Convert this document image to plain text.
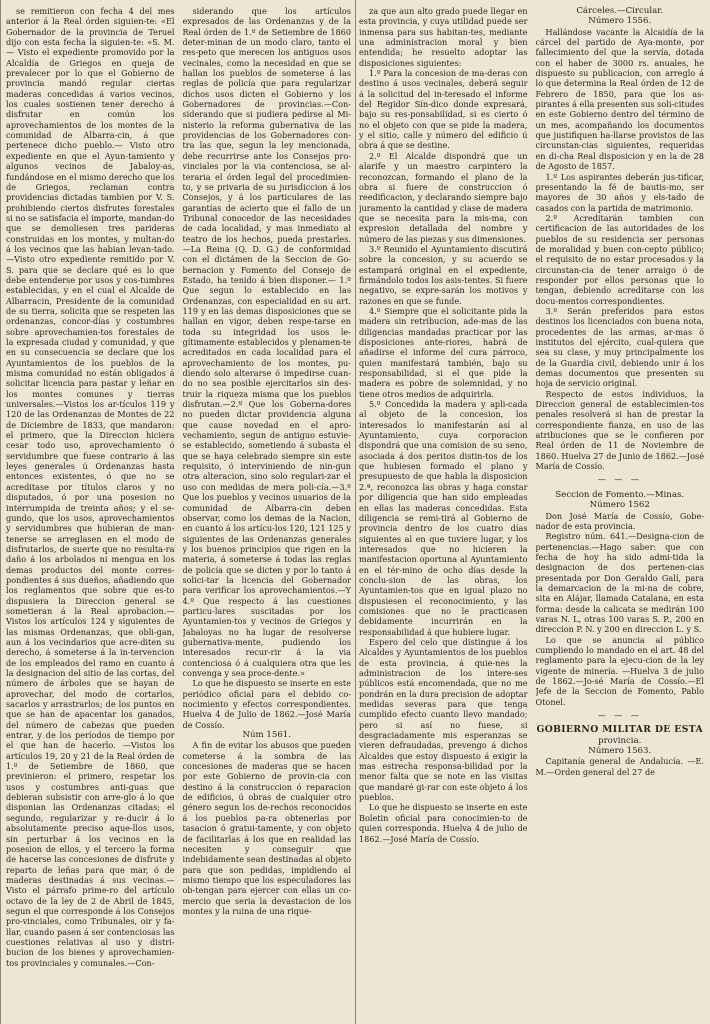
se remitieron con fecha 4 del mes anterior á la Real órden siguien-te: «El Gobernador de la provincia de Teruel dijo con esta fecha la siguien-te: «S. M. — Visto el expediente promovido por la Alcaldía de Griegos en queja de prevalecer por lo que el Gobierno de provincia mandó regular ciertas maderas concedidas á varios vecinos, los cuales sostienen tener derecho á disfrutar en común los aprovechamientos de los montes de la comunidad de Albarra-cin, á que pertenece dicho pueblo.— Visto otro expediente en que el Ayun-tamiento y algunos vecinos de Jabaloy-as, fundándose en el mismo derecho que los de Griegos, reclaman contra providencias dictadas tambien por V. S. prohibiendo ciertos disfrutes forestales si no se satisfacia el importe, mandan-do que se demoliesen tres parideras construidas en los montes, y multan-do á los vecinos que las habian levan-tado.—Visto otro expediente remitido por V. S. para que se declare qué es lo que debe entenderse por usos y cos-tumbres establecidas, y en el cual el Alcalde de Albarracin, Presidente de la comunidad de su tierra, solicita que se respeten las ordenanzas, concor-días y costumbres sobre aprovechamien-tos forestales de la expresada ciudad y comunidad, y que en su consecuencia se declare que los Ayuntamientos de los pueblos de la misma comunidad no están obligados á solicitar licencia para pastar y leñar en los montes comunes y tierras universales.—Vistos los ar-tículos 119 y 120 de las Ordenanzas de Montes de 22 de Diciembre de 1833, que mandaron: el primero, que la Direccion hiciera cesar todo uso, aprovechamiento ó servidumbre que fuese contrario á las leyes generales ú Ordenanzas hasta entonces existentes, ó que no se acreditase por títulos claros y no disputados, ó por una posesion no interrumpida de treinta años; y el se-gundo, que los usos, aprovechamientos y servidumbres que hubieran de man-tenerse se arreglasen en el modo de disfrutarlos, de suerte que no resulta-ra daño á los arbolados ni mengua en los demas productos del monte corres-pondientes á sus dueños, añadiendo que los reglamentos que sobre que es-to dispusiera la Direccion general se sometieran á la Real aprobacion.— Vistos los artículos 124 y siguientes de las mismas Ordenanzas, que obli-gan, aun á los vecindarios que acre-diten su derecho, á someterse á la in-tervencion de los empleados del ramo en cuanto á la designacion del sitio de las cortas, del número de árboles que se hayan de aprovechar, del modo de cortarlos, sacarlos y arrastrarlos; de los puntos en que se han de apacentar los ganados, del número de cabezas que pueden entrar, y de los períodos de tiempo por el que han de hacerlo. —Vistos los artículos 19, 20 y 21 de la Real órden de 1.º de Setiembre de 1860, que previnieron: el primero, respetar los usos y costumbres anti-guas que debieran subsistir con arre-glo á lo que disponian las Ordenanzas citadas; el segundo, regularizar y re-ducir á lo absolutamente preciso aque-llos usos, sin perturbar á los vecinos en la posesion de ellos, y el tercero la forma de hacerse las concesiones de disfrute y reparto de leñas para que mar, ó de maderas destinadas á sus vecinas.—Visto el párrafo prime-ro del artículo octavo de la ley de 2 de Abril de 1845, segun el que corresponde á los Consejos pro-vinciales, como Tribunales, oir y fa-llar, cuando pasen á ser contenciosas las cuestiones relativas al uso y distri-bucion de los bienes y aprovechamien-tos provinciales y comunales.—Con-

siderando que los artículos expresados de las Ordenanzas y de la Real órden de 1.º de Setiembre de 1860 deter-minan de un modo claro, tanto el res-peto que merecen los antiguos usos vecinales, como la necesidad en que se hallan los pueblos de someterse á las reglas de policía que para regularizar dichos usos dicten el Gobierno y los Gobernadores de provincias.—Con-siderando que si pudiera pedirse al Mi-nisterio la reforma gubernativa de las providencias de los Gobernadores con-tra las que, segun la ley mencionada, debe recurrirse ante los Consejos pro-vinciales por la via contenciosa, se al-teraria el órden legal del procedimien-to, y se privaria de su jurisdiccion á los Consejos, y á los particulares de las garantías de acierto que el fallo de un Tribunal conocedor de las necesidades de cada localidad, y mas inmediato al teatro de los hechos, pueda prestarles. —La Reina (Q. D. G.) de conformidad con el dictámen de la Seccion de Go-bernacion y Fomento del Consejo de Estado, ha tenido á bien disponer.— 1.º Que segun lo establecido en las Ordenanzas, con especialidad en su art. 119 y en las demas disposiciones que se hallan en vigor, deben respe-tarse en toda su integridad los usos le-gítimamente establecidos y plenamen-te acreditados en cada localidad para el aprovechamiento de los montes, pu-diendo solo alterarse ó impedirse cuan-do no sea posible ejercitarlos sin des-truir la riqueza misma que los pueblos disfrutan.—2.º Que los Goberna-dores no pueden dictar providencia alguna que cause novedad en el apro-vechamiento, segun de antiguo estuvie-se establecido, sometiendo á subasta el que se haya celebrado siempre sin este requisito, ó interviniendo de nin-gun otra alteracion, sino solo regulari-zar el uso con medidas de mera poli-cía.—3.º Que los pueblos y vecinos usuarios de la comunidad de Albarra-cin deben observar, como los demas de la Nacion, en cuanto á los artícu-los 120, 121 125 y siguientes de las Ordenanzas generales y los buenos principios que rigen en la materia, á someterse á todas las reglas de policía que se dicten y por lo tanto á solici-tar la licencia del Gobernador para verificar los aprovechamientos.—Y 4.º Que respecto á las cuestiones particu-lares suscitadas por los Ayuntamien-tos y vecinos de Griegos y Jabaloyas no ha lugar de resolverse gubernativa-mente, pudiendo los interesados recur-rir á la via contenciosa ó á cualquiera otra que les convenga y sea proce-dente.»

Lo que he dispuesto se inserte en este periódico oficial para el debido co-nocimiento y efectos correspondientes. Huelva 4 de Julio de 1862.—José María de Cossío.

Núm 1561.

A fin de evitar los abusos que pueden cometerse á la sombra de las concesiones de maderas que se hacen por este Gobierno de provin-cia con destino á la construccion ó reparacion de edificios, ú obras de cualquier otro género segun los de-rechos reconocidos á los pueblos pa-ra obtenerlas por tasacion ó gratui-tamente, y con objeto de facilitarlas á los que en realidad las necesiten y conseguir que indebidamente sean destinadas al objeto para que son pedidas, impidiendo al mismo tiempo que los especuladores las ob-tengan para ejercer con ellas un co-mercio que seria la devastacion de los montes y la ruina de una rique-

za que aun alto grado puede llegar en esta provincia, y cuya utilidad puede ser inmensa para sus habitan-tes, mediante una administracion moral y bien entendida; he resuelto adoptar las disposiciones siguientes:

1.º Para la concesion de ma-deras con destino á usos vecinales, deberá seguir á la solicitud del in-teresado el informe del Regidor Sín-dico donde expresará, bajo su res-ponsabilidad, si es cierto ó no el objeto con que se pide la madera, y el sitio, calle y número del edificio ú obra á que se destine.

2.º El Alcalde dispondrá que un alarife y un maestro carpintero la reconozcan, formando el plano de la obra si fuere de construccion ó reedificacion, y declarando siempre bajo juramento la cantidad y clase de madera que se necesita para la mis-ma, con expresion detallada del nombre y número de las piezas y sus dimensiones.

3.º Reunido el Ayuntamiento discutirá sobre la concesion, y su acuerdo se estampará original en el expediente, firmándolo todos los asis-tentes. Si fuere negativo, se expre-sarán los motivos y razones en que se funde.

4.º Siempre que el solicitante pida la madera sin retribucion, ade-mas de las diligencias mandadas practicar por las disposiciones ante-riores, habrá de añadirse el informe del cura párroco, quien manifestará también, bajo su responsabilidad, si el que pide la madera es pobre de solemnidad, y no tiene otros medios de adquirirla.

5.º Concedida la madera y apli-cada al objeto de la concesion, los interesados lo manifestarán así al Ayuntamiento, cuya corporacion dispondrá que una comision de su seno, asociada á dos peritos distin-tos de los que hubiesen formado el plano y presupuesto de que habla la disposicion 2.ª, reconozca las obras y haga constar por diligencia que han sido empleadas en ellas las maderas concedidas. Esta diligencia se remi-tirá al Gobierno de provincia dentro de los cuatro días siguientes al en que tuviere lugar, y los interesados que no hicieren la manifestacion oportuna al Ayuntamiento en el tér-mino de ocho días desde la conclu-sion de las obras, los Ayuntamien-tos que en igual plazo no dispusiesen el reconocimiento, y las comisiones que no le practicasen debidamente incurrirán en la responsabilidad á que hubiere lugar.

Espero del celo que distingue á los Alcaldes y Ayuntamientos de los pueblos de esta provincia, á quie-nes la administracion de los intere-ses públicos está encomendada, que no me pondrán en la dura precision de adoptar medidas severas para que tenga cumplido efecto cuanto llevo mandado; pero si así no fuese, si desgraciadamente mis esperanzas se vieren defraudadas, prevengo á dichos Alcaldes que estoy dispuesto á exigir la mas estrecha responsa-bilidad por la menor falta que se note en las visitas que mandaré gi-rar con este objeto á los pueblos.

Lo que he dispuesto se inserte en este Boletin oficial para conocimien-to de quien corresponda. Huelva 4 de julio de 1862.—José María de Cossío.

Cárceles.—Circular.

Número 1556.

Hallándose vacante la Alcaidía de la cárcel del partido de Aya-monte, por fallecimiento del que la servía, dotada con el haber de 3000 rs. anuales, he dispuesto su publicacion, con arreglo á lo que determina la Real órden de 12 de Febrero de 1850, para que los as-pirantes á ella presenten sus soli-citudes en este Gobierno dentro del término de un mes, acompañando los documentos que justifiquen ha-llarse provistos de las circunstan-cias siguientes, requeridas en di-cha Real disposicion y en la de 28 de Agosto de 1857.

1.º Los aspirantes deberán jus-tificar, presentando la fé de bautis-mo, ser mayores de 30 años y els-tado de casados con la partida de matrimonio.

2.º Acreditarán tambien con certificacion de las autoridades de los pueblos de su residencia ser personas de moralidad y buen con-cepto público; el requisito de no estar procesados y la circunstan-cia de tener arraigo ó de responder por ellos personas que lo tengan, debiendo acreditarse con los docu-mentos correspondientes.

3.º Serán preferidos para estos destinos los licenciados con buena nota, procedentes de las armas, ar-mas ó institutos del ejército, cual-quiera que sea su clase, y muy principalmente los de la Guardia civil, debiendo unir á los demas documentos que presenten su hoja de servicio original.

Respecto de estos individuos, la Direccion general de establecimien-tos penales resolverá si han de prestar la correspondiente fianza, en uso de las atribuciones que se le confieren por Real órden de 11 de Noviembre de 1860. Huelva 27 de Junio de 1862.—José María de Cossío.

— — —

Seccion de Fomento.—Minas.

Número 1562

Don José María de Cossío, Gobe-nador de esta provincia.

Registro núm. 641.—Designa-cion de pertenencias.—Hago saber: que con fecha de hoy ha sido admi-tida la designacion de dos pertenen-cias presentada por Don Geraldo Galí, para la demarcacion de la mi-na de cobre, sita en Alájar, llamada Catalana, en esta forma: desde la calicata se medirán 100 varas N. L, otras 100 varas S. P., 200 en direccion P. N. y 200 en direccion L. y S.

Lo que se anuncia al público cumpliendo lo mandado en el art. 48 del reglamento para la ejecu-cion de la ley vigente de minería. —Huelva 3 de julio de 1862.—Jo-sé María de Cossío.—El Jefe de la Seccion de Fomento, Pablo Otonel.

— — —

GOBIERNO MILITAR DE ESTA

provincia.

Número 1563.

Capitanía general de Andalucía. —E. M.—Orden general del 27 de
